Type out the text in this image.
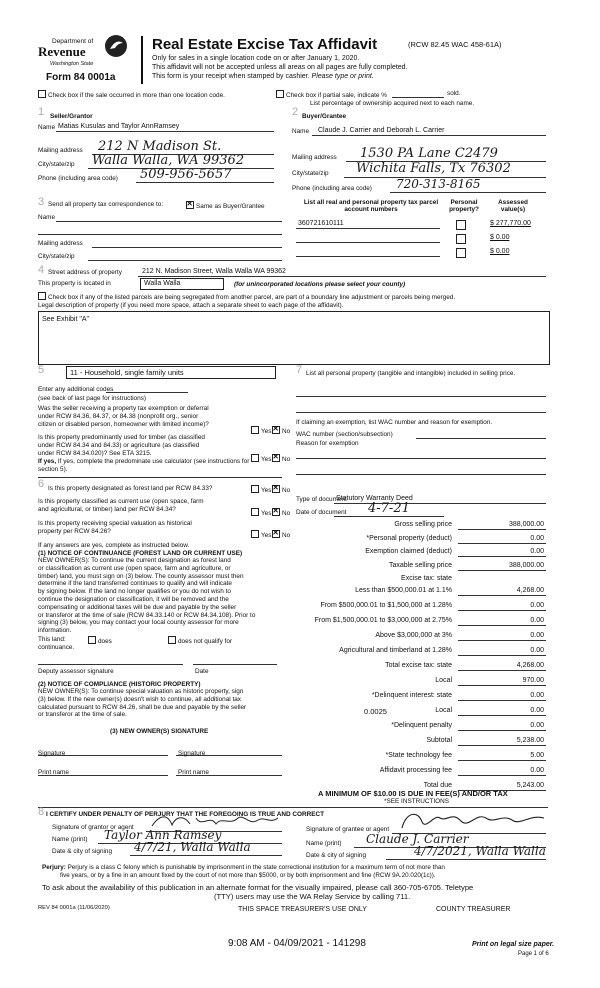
Department of
Revenue
Washington State
Form 84 0001a
Real Estate Excise Tax Affidavit	(RCW 82.45 WAC 458-61A)
Only for sales in a single location code on or after January 1, 2020.
This affidavit will not be accepted unless all areas on all pages are fully completed.
This form is your receipt when stamped by cashier. Please type or print.
Check box if the sale occurred in more than one location code.	Check box if partial sale, indicate %	sold.
List percentage of ownership acquired next to each name.
1 Seller/Grantor
Name Matias Kusulas and Taylor AnnRamsey
Mailing address 212 N Madison St.
City/state/zip Walla Walla, WA 99362
Phone (including area code) 509-956-5657
2 Buyer/Grantee
Name Claude J. Carrier and Deborah L. Carrier
Mailing address 1530 PA Lane C2479
City/state/zip Wichita Falls, Tx 76302
Phone (including area code) 720-313-8165
3 Send all property tax correspondence to: ✕	Same as Buyer/Grantee
Name
Mailing address
City/state/zip
List all real and personal property tax parcel account numbers
Personal property?
Assessed value(s)
360721610111	$ 277,770.00
$ 0.00
$ 0.00
4 Street address of property	212 N. Madison Street, Walla Walla WA 99362
This property is located in	Walla Walla	(for unincorporated locations please select your county)
Check box if any of the listed parcels are being segregated from another parcel, are part of a boundary line adjustment or parcels being merged.
Legal description of property (if you need more space, attach a separate sheet to each page of the affidavit).
See Exhibit "A"
5	11 - Household, single family units
Enter any additional codes
(see back of last page for instructions)
Was the seller receiving a property tax exemption or deferral
under RCW 84.36, 84.37, or 84.38 (nonprofit org., senior
citizen or disabled person, homeowner with limited income)?
Yes ✕	No
Is this property predominantly used for timber (as classified
under RCW 84.34 and 84.33) or agriculture (as classified
under RCW 84.34.020)? See ETA 3215.
Yes ✕	No
If yes, If yes, complete the predominate use calculator (see instructions for
section 5).
6 Is this property designated as forest land per RCW 84.33?	Yes ✕	No
Is this property classified as current use (open space, farm
and agricultural, or timber) land per RCW 84.34?
Yes ✕	No
Is this property receiving special valuation as historical
property per RCW 84.26?
Yes ✕	No
If any answers are yes, complete as instructed below.
(1) NOTICE OF CONTINUANCE (FOREST LAND OR CURRENT USE)
NEW OWNER(S): To continue the current designation as forest land
or classification as current use (open space, farm and agriculture, or
timber) land, you must sign on (3) below. The county assessor must then
determine if the land transferred continues to qualify and will indicate
by signing below. If the land no longer qualifies or you do not wish to
continue the designation or classification, it will be removed and the
compensating or additional taxes will be due and payable by the seller
or transferor at the time of sale (RCW 84.33.140 or RCW 84.34.108). Prior to
signing (3) below, you may contact your local county assessor for more
information.
This land:	does	does not qualify for
continuance.
Deputy assessor signature	Date
(2) NOTICE OF COMPLIANCE (HISTORIC PROPERTY)
NEW OWNER(S): To continue special valuation as historic property, sign
(3) below. If the new owner(s) doesn't wish to continue, all additional tax
calculated pursuant to RCW 84.26, shall be due and payable by the seller
or transferor at the time of sale.
(3) NEW OWNER(S) SIGNATURE
Signature	Signature
Print name	Print name
7 List all personal property (tangible and intangible) included in selling price.
If claiming an exemption, list WAC number and reason for exemption.
WAC number (section/subsection)
Reason for exemption
Type of document
Statutory Warranty Deed
Date of document 4-7-21
Gross selling price	388,000.00
*Personal property (deduct)	0.00
Exemption claimed (deduct)	0.00
Taxable selling price	388,000.00
Excise tax: state
Less than $500,000.01 at 1.1%	4,268.00
From $500,000.01 to $1,500,000 at 1.28%	0.00
From $1,500,000.01 to $3,000,000 at 2.75%	0.00
Above $3,000,000 at 3%	0.00
Agricultural and timberland at 1.28%	0.00
Total excise tax: state	4,268.00
Local	970.00
*Delinquent interest: state	0.00
Local	0.00
*Delinquent penalty	0.00
Subtotal	5,238.00
*State technology fee	5.00
Affidavit processing fee	0.00
Total due	5,243.00
0.0025
A MINIMUM OF $10.00 IS DUE IN FEE(S) AND/OR TAX
*SEE INSTRUCTIONS
8 I CERTIFY UNDER PENALTY OF PERJURY THAT THE FOREGOING IS TRUE AND CORRECT
Signature of grantor or agent
Name (print) Taylor Ann Ramsey
Date & city of signing 4/7/21, Walla Walla
Signature of grantee or agent
Name (print) Claude J. Carrier
Date & city of signing	4/7/2021, Walla Walla
Perjury: Perjury is a class C felony which is punishable by imprisonment in the state correctional institution for a maximum term of not more than
five years, or by a fine in an amount fixed by the court of not more than $5000, or by both imprisonment and fine (RCW 9A.20.020(1c)).
To ask about the availability of this publication in an alternate format for the visually impaired, please call 360-705-6705. Teletype
(TTY) users may use the WA Relay Service by calling 711.
REV 84 0001a (11/06/2020)	THIS SPACE TREASURER'S USE ONLY	COUNTY TREASURER
9:08 AM - 04/09/2021 - 141298	Print on legal size paper.
Page 1 of 6
